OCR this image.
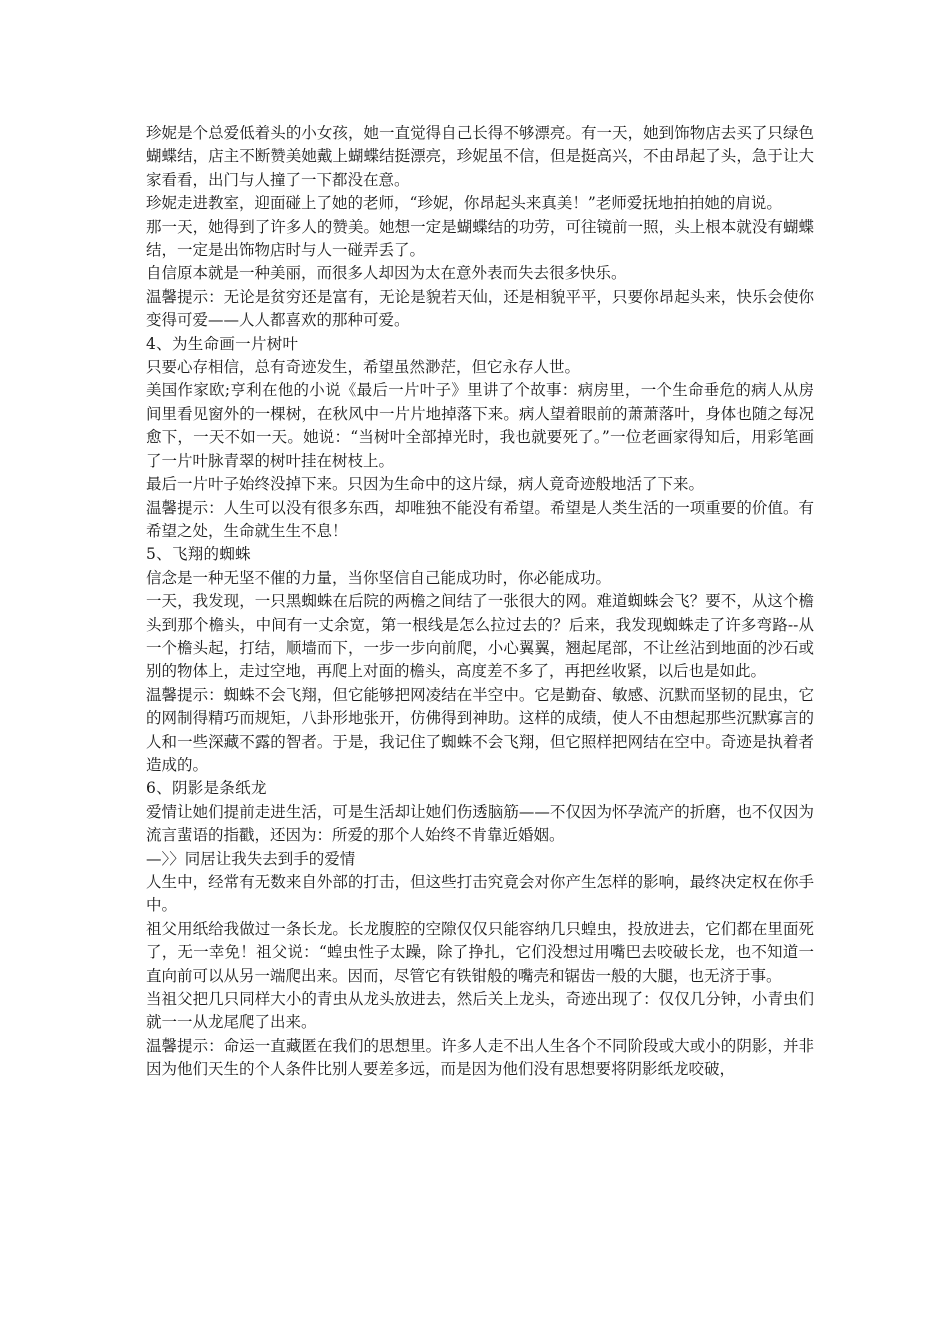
珍妮是个总爱低着头的小女孩，她一直觉得自己长得不够漂亮。有一天，她到饰物店去买了只绿色蝴蝶结，店主不断赞美她戴上蝴蝶结挺漂亮，珍妮虽不信，但是挺高兴，不由昂起了头，急于让大家看看，出门与人撞了一下都没在意。

珍妮走进教室，迎面碰上了她的老师，“珍妮，你昂起头来真美！”老师爱抚地拍拍她的肩说。

那一天，她得到了许多人的赞美。她想一定是蝴蝶结的功劳，可往镜前一照，头上根本就没有蝴蝶结，一定是出饰物店时与人一碰弄丢了。

自信原本就是一种美丽，而很多人却因为太在意外表而失去很多快乐。

温馨提示：无论是贫穷还是富有，无论是貌若天仙，还是相貌平平，只要你昂起头来，快乐会使你变得可爱——人人都喜欢的那种可爱。

4、为生命画一片树叶

只要心存相信，总有奇迹发生，希望虽然渺茫，但它永存人世。

美国作家欧;亨利在他的小说《最后一片叶子》里讲了个故事：病房里，一个生命垂危的病人从房间里看见窗外的一棵树，在秋风中一片片地掉落下来。病人望着眼前的萧萧落叶，身体也随之每况愈下，一天不如一天。她说：“当树叶全部掉光时，我也就要死了。”一位老画家得知后，用彩笔画了一片叶脉青翠的树叶挂在树枝上。

最后一片叶子始终没掉下来。只因为生命中的这片绿，病人竟奇迹般地活了下来。

温馨提示：人生可以没有很多东西，却唯独不能没有希望。希望是人类生活的一项重要的价值。有希望之处，生命就生生不息！

5、飞翔的蜘蛛

信念是一种无坚不催的力量，当你坚信自己能成功时，你必能成功。

一天，我发现，一只黑蜘蛛在后院的两檐之间结了一张很大的网。难道蜘蛛会飞？要不，从这个檐头到那个檐头，中间有一丈余宽，第一根线是怎么拉过去的？后来，我发现蜘蛛走了许多弯路--从一个檐头起，打结，顺墙而下，一步一步向前爬，小心翼翼，翘起尾部，不让丝沾到地面的沙石或别的物体上，走过空地，再爬上对面的檐头，高度差不多了，再把丝收紧，以后也是如此。

温馨提示：蜘蛛不会飞翔，但它能够把网凌结在半空中。它是勤奋、敏感、沉默而坚韧的昆虫，它的网制得精巧而规矩，八卦形地张开，仿佛得到神助。这样的成绩，使人不由想起那些沉默寡言的人和一些深藏不露的智者。于是，我记住了蜘蛛不会飞翔，但它照样把网结在空中。奇迹是执着者造成的。

6、阴影是条纸龙

爱情让她们提前走进生活，可是生活却让她们伤透脑筋——不仅因为怀孕流产的折磨，也不仅因为流言蜚语的指戳，还因为：所爱的那个人始终不肯靠近婚姻。

—〉〉同居让我失去到手的爱情

人生中，经常有无数来自外部的打击，但这些打击究竟会对你产生怎样的影响，最终决定权在你手中。

祖父用纸给我做过一条长龙。长龙腹腔的空隙仅仅只能容纳几只蝗虫，投放进去，它们都在里面死了，无一幸免！祖父说：“蝗虫性子太躁，除了挣扎，它们没想过用嘴巴去咬破长龙，也不知道一直向前可以从另一端爬出来。因而，尽管它有铁钳般的嘴壳和锯齿一般的大腿，也无济于事。

当祖父把几只同样大小的青虫从龙头放进去，然后关上龙头，奇迹出现了：仅仅几分钟，小青虫们就一一从龙尾爬了出来。

温馨提示：命运一直藏匿在我们的思想里。许多人走不出人生各个不同阶段或大或小的阴影，并非因为他们天生的个人条件比别人要差多远，而是因为他们没有思想要将阴影纸龙咬破，
